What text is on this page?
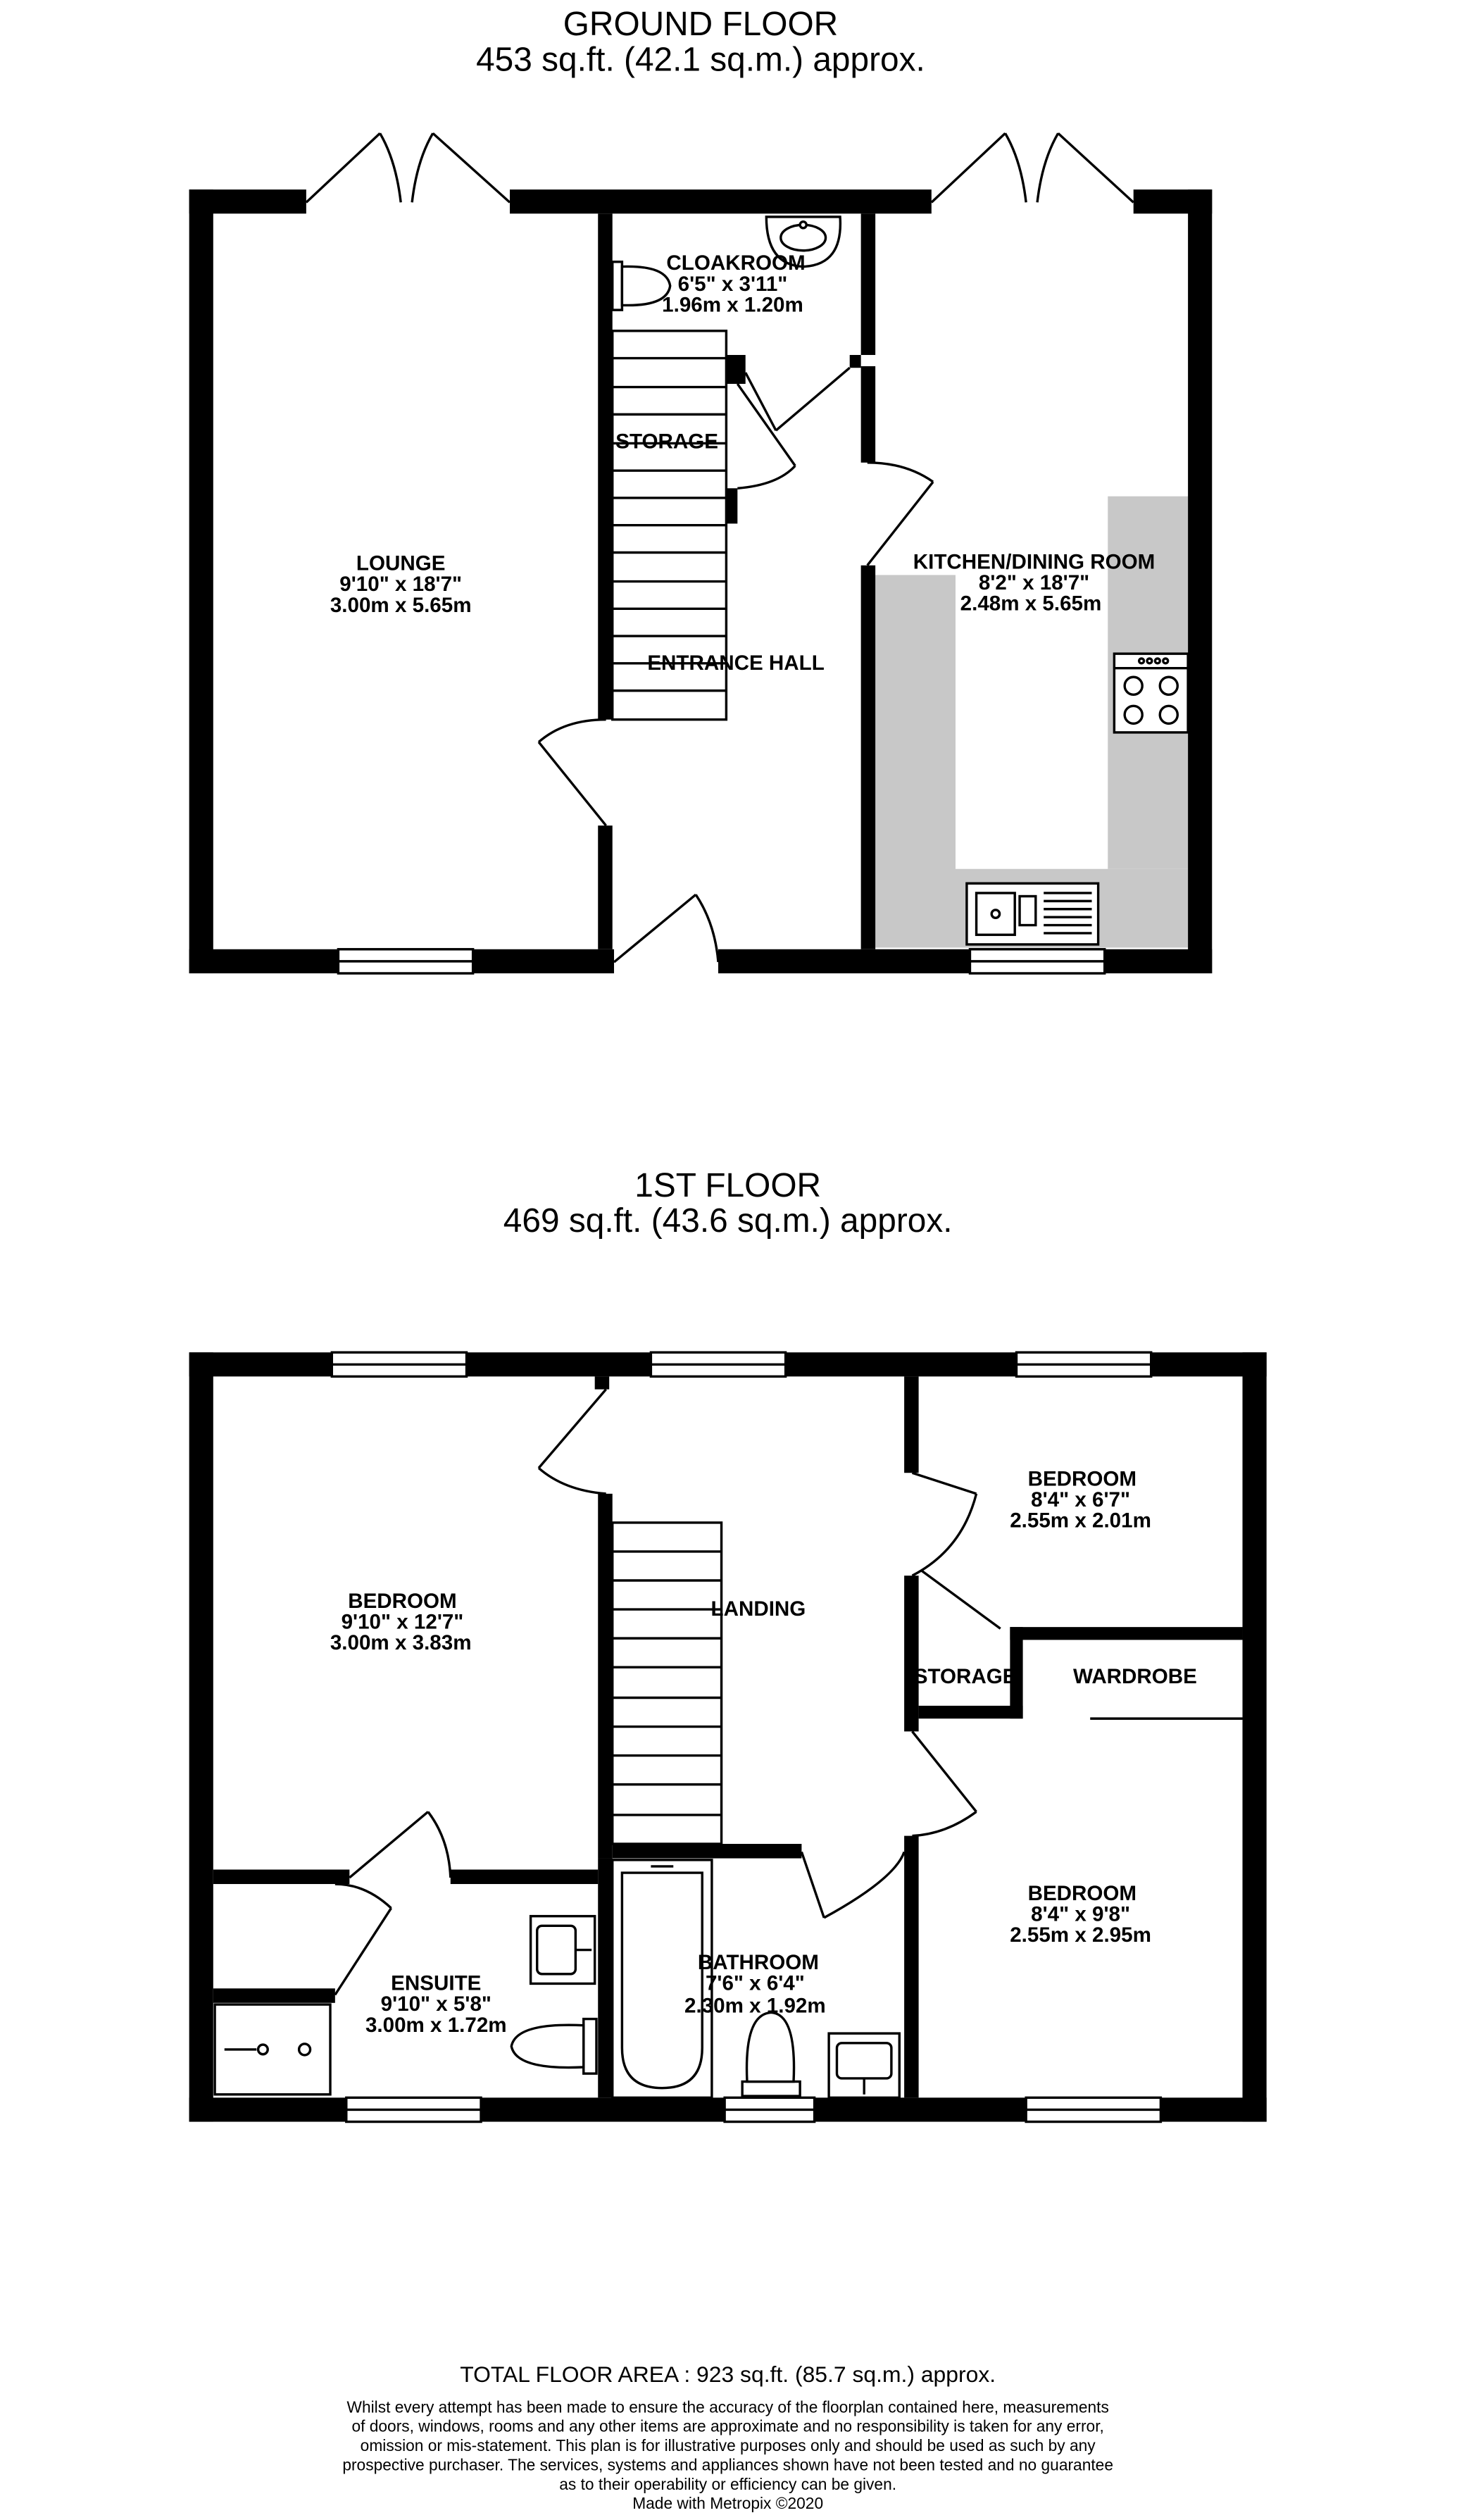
GROUND FLOOR
453 sq.ft. (42.1 sq.m.) approx.
LOUNGE
9'10" x 18'7"
3.00m x 5.65m
CLOAKROOM
6'5" x 3'11"
1.96m x 1.20m
STORAGE
ENTRANCE HALL
KITCHEN/DINING ROOM
8'2" x 18'7"
2.48m x 5.65m
1ST FLOOR
469 sq.ft. (43.6 sq.m.) approx.
BEDROOM
9'10" x 12'7"
3.00m x 3.83m
LANDING
BEDROOM
8'4" x 6'7"
2.55m x 2.01m
STORAGE	WARDROBE
BEDROOM
8'4" x 9'8"
2.55m x 2.95m
ENSUITE
9'10" x 5'8"
3.00m x 1.72m
BATHROOM
7'6" x 6'4"
2.30m x 1.92m
TOTAL FLOOR AREA : 923 sq.ft. (85.7 sq.m.) approx.
Whilst every attempt has been made to ensure the accuracy of the floorplan contained here, measurements
of doors, windows, rooms and any other items are approximate and no responsibility is taken for any error,
omission or mis-statement. This plan is for illustrative purposes only and should be used as such by any
prospective purchaser. The services, systems and appliances shown have not been tested and no guarantee
as to their operability or efficiency can be given.
Made with Metropix ©2020
